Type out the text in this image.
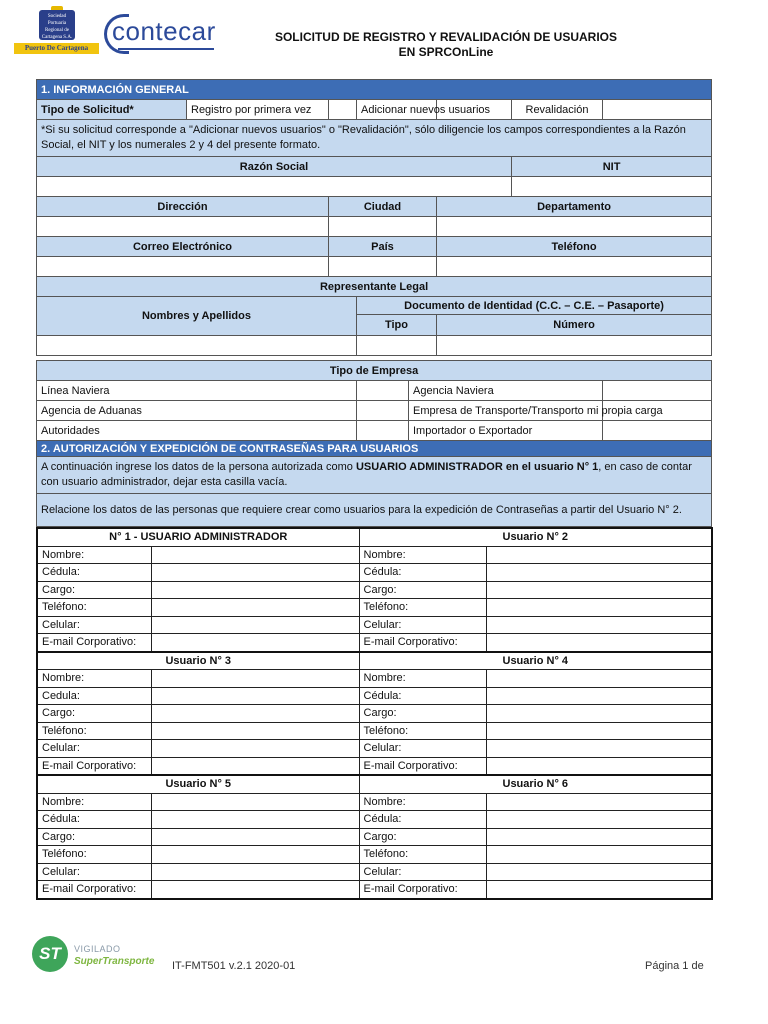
Sociedad Portuaria Regional de Cartagena S.A.
Puerto De Cartagena
contecar	SOLICITUD DE REGISTRO Y REVALIDACIÓN DE USUARIOS
EN SPRCOnLine
1. INFORMACIÓN GENERAL							
Tipo de Solicitud*	Registro por primera vez		Adicionar nuevos usuarios			Revalidación	
*Si su solicitud corresponde a "Adicionar nuevos usuarios" o "Revalidación", sólo diligencie los campos correspondientes a la Razón Social, el NIT y los numerales 2 y 4 del presente formato.							
Razón Social						NIT	

Dirección		Ciudad			Departamento		

Correo Electrónico		País			Teléfono		

Representante Legal							
Nombres y Apellidos			Documento de Identidad (C.C. – C.E. – Pasaporte)				
			Tipo		Número		

Tipo de Empresa							
Línea Naviera				Agencia Naviera			
Agencia de Aduanas				Empresa de Transporte/Transporto mi propia carga			
Autoridades				Importador o Exportador			
2. AUTORIZACIÓN Y EXPEDICIÓN DE CONTRASEÑAS PARA USUARIOS							
A continuación ingrese los datos de la persona autorizada como USUARIO ADMINISTRADOR en el usuario N° 1, en caso de contar con usuario administrador, dejar esta casilla vacía.							
Relacione los datos de las personas que requiere crear como usuarios para la expedición de Contraseñas a partir del Usuario N° 2.							
N° 1 - USUARIO ADMINISTRADOR		Usuario N° 2	
Nombre:		Nombre:	
Cédula:		Cédula:	
Cargo:		Cargo:	
Teléfono:		Teléfono:	
Celular:		Celular:	
E-mail Corporativo:		E-mail Corporativo:	
Usuario N° 3		Usuario N° 4	
Nombre:		Nombre:	
Cedula:		Cédula:	
Cargo:		Cargo:	
Teléfono:		Teléfono:	
Celular:		Celular:	
E-mail Corporativo:		E-mail Corporativo:	
Usuario N° 5		Usuario N° 6	
Nombre:		Nombre:	
Cédula:		Cédula:	
Cargo:		Cargo:	
Teléfono:		Teléfono:	
Celular:		Celular:	
E-mail Corporativo:		E-mail Corporativo:	
ST	VIGILADO
SuperTransporte IT-FMT501 v.2.1 2020-01	Página 1 de
